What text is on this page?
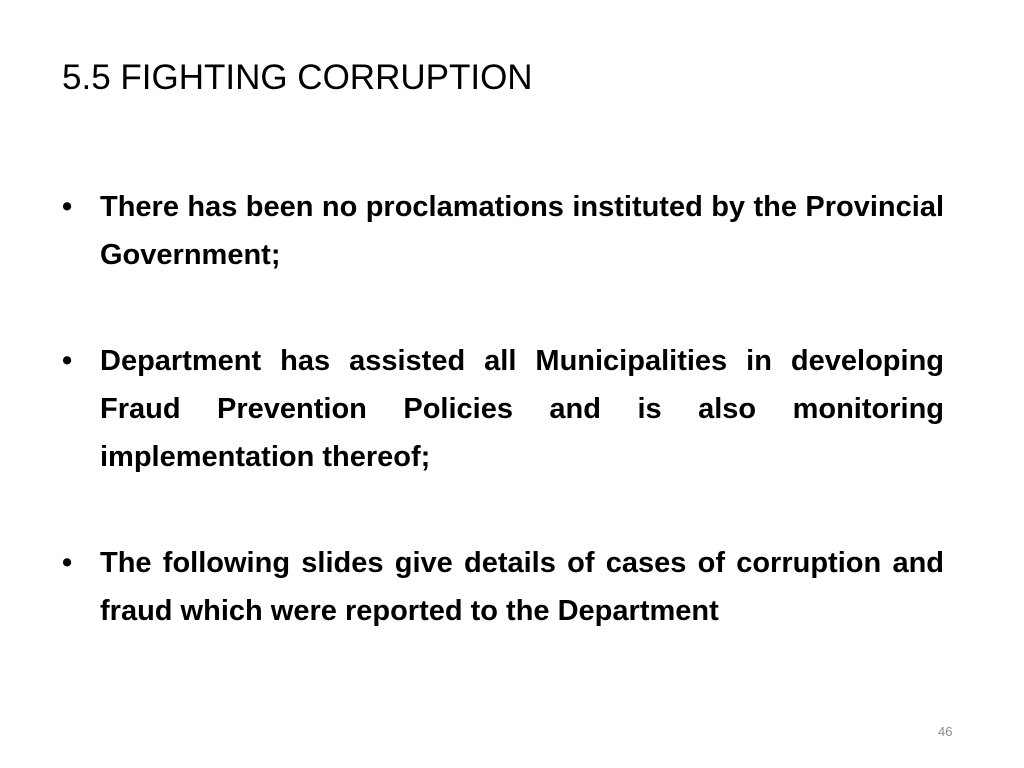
5.5 FIGHTING CORRUPTION
• There has been no proclamations instituted by the Provincial Government;
• Department has assisted all Municipalities in developing Fraud Prevention Policies and is also monitoring implementation thereof;
• The following slides give details of cases of corruption and fraud which were reported to the Department
46
